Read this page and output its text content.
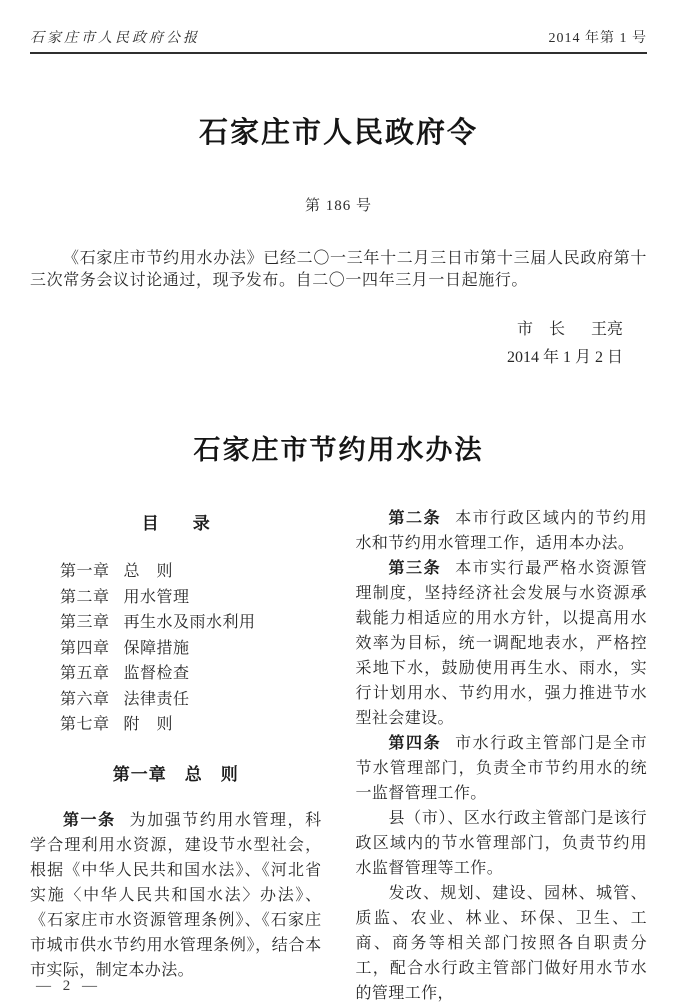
石家庄市人民政府公报	2014 年第 1 号
石家庄市人民政府令
第 186 号

《石家庄市节约用水办法》已经二〇一三年十二月三日市第十三届人民政府第十三次常务会议讨论通过，现予发布。自二〇一四年三月一日起施行。

市　长 王亮
2014 年 1 月 2 日
石家庄市节约用水办法
目　　录
第一章 总　则
第二章 用水管理
第三章 再生水及雨水利用
第四章 保障措施
第五章 监督检查
第六章 法律责任
第七章 附　则
第一章　总　则

第一条 为加强节约用水管理，科学合理利用水资源，建设节水型社会，根据《中华人民共和国水法》、《河北省实施〈中华人民共和国水法〉办法》、《石家庄市水资源管理条例》、《石家庄市城市供水节约用水管理条例》，结合本市实际，制定本办法。

第二条 本市行政区域内的节约用水和节约用水管理工作，适用本办法。

第三条 本市实行最严格水资源管理制度，坚持经济社会发展与水资源承载能力相适应的用水方针，以提高用水效率为目标，统一调配地表水，严格控采地下水，鼓励使用再生水、雨水，实行计划用水、节约用水，强力推进节水型社会建设。

第四条 市水行政主管部门是全市节水管理部门，负责全市节约用水的统一监督管理工作。

县（市）、区水行政主管部门是该行政区域内的节水管理部门，负责节约用水监督管理等工作。

发改、规划、建设、园林、城管、质监、农业、林业、环保、卫生、工商、商务等相关部门按照各自职责分工，配合水行政主管部门做好用水节水的管理工作，

— 2 —
